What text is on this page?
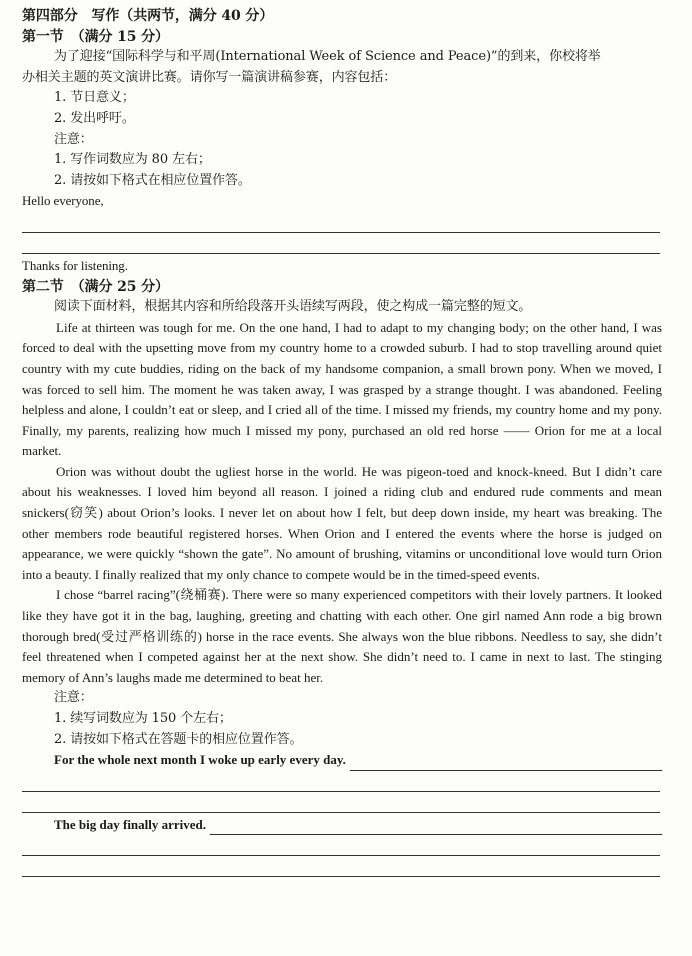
第四部分　写作（共两节，满分 40 分）
第一节　（满分 15 分）
为了迎接“国际科学与和平周(International Week of Science and Peace)”的到来，你校将举
办相关主题的英文演讲比赛。请你写一篇演讲稿参赛，内容包括：
1. 节日意义；
2. 发出呼吁。
注意：
1. 写作词数应为 80 左右；
2. 请按如下格式在相应位置作答。
Hello everyone,
Thanks for listening.
第二节　（满分 25 分）
阅读下面材料，根据其内容和所给段落开头语续写两段，使之构成一篇完整的短文。
Life at thirteen was tough for me. On the one hand, I had to adapt to my changing body; on the other hand, I was forced to deal with the upsetting move from my country home to a crowded suburb. I had to stop travelling around quiet country with my cute buddies, riding on the back of my handsome companion, a small brown pony. When we moved, I was forced to sell him. The moment he was taken away, I was grasped by a strange thought. I was abandoned. Feeling helpless and alone, I couldn’t eat or sleep, and I cried all of the time. I missed my friends, my country home and my pony. Finally, my parents, realizing how much I missed my pony, purchased an old red horse —— Orion for me at a local market.
Orion was without doubt the ugliest horse in the world. He was pigeon-toed and knock-kneed. But I didn’t care about his weaknesses. I loved him beyond all reason. I joined a riding club and endured rude comments and mean snickers(窃笑) about Orion’s looks. I never let on about how I felt, but deep down inside, my heart was breaking. The other members rode beautiful registered horses. When Orion and I entered the events where the horse is judged on appearance, we were quickly “shown the gate”. No amount of brushing, vitamins or unconditional love would turn Orion into a beauty. I finally realized that my only chance to compete would be in the timed-speed events.
I chose “barrel racing”(绕桶赛). There were so many experienced competitors with their lovely partners. It looked like they have got it in the bag, laughing, greeting and chatting with each other. One girl named Ann rode a big brown thorough bred(受过严格训练的) horse in the race events. She always won the blue ribbons. Needless to say, she didn’t feel threatened when I competed against her at the next show. She didn’t need to. I came in next to last. The stinging memory of Ann’s laughs made me determined to beat her.
注意：
1. 续写词数应为 150 个左右；
2. 请按如下格式在答题卡的相应位置作答。
For the whole next month I woke up early every day.
The big day finally arrived.
